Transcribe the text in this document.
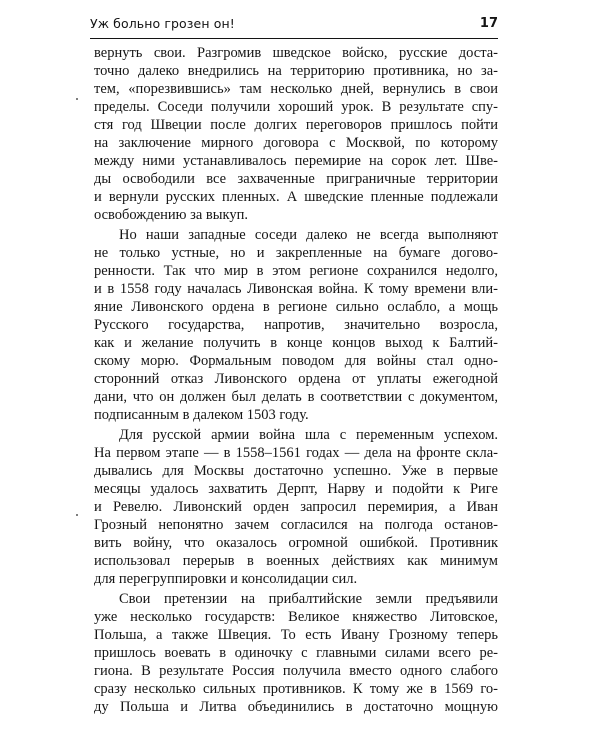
Уж больно грозен он!	17
вернуть свои. Разгромив шведское войско, русские доста-
точно далеко внедрились на территорию противника, но за-
тем, «порезвившись» там несколько дней, вернулись в свои
пределы. Соседи получили хороший урок. В результате спу-
стя год Швеции после долгих переговоров пришлось пойти
на заключение мирного договора с Москвой, по которому
между ними устанавливалось перемирие на сорок лет. Шве-
ды освободили все захваченные приграничные территории
и вернули русских пленных. А шведские пленные подлежали
освобождению за выкуп.
Но наши западные соседи далеко не всегда выполняют
не только устные, но и закрепленные на бумаге догово-
ренности. Так что мир в этом регионе сохранился недолго,
и в 1558 году началась Ливонская война. К тому времени вли-
яние Ливонского ордена в регионе сильно ослабло, а мощь
Русского государства, напротив, значительно возросла,
как и желание получить в конце концов выход к Балтий-
скому морю. Формальным поводом для войны стал одно-
сторонний отказ Ливонского ордена от уплаты ежегодной
дани, что он должен был делать в соответствии с документом,
подписанным в далеком 1503 году.
Для русской армии война шла с переменным успехом.
На первом этапе — в 1558–1561 годах — дела на фронте скла-
дывались для Москвы достаточно успешно. Уже в первые
месяцы удалось захватить Дерпт, Нарву и подойти к Риге
и Ревелю. Ливонский орден запросил перемирия, а Иван
Грозный непонятно зачем согласился на полгода останов-
вить войну, что оказалось огромной ошибкой. Противник
использовал перерыв в военных действиях как минимум
для перегруппировки и консолидации сил.
Свои претензии на прибалтийские земли предъявили
уже несколько государств: Великое княжество Литовское,
Польша, а также Швеция. То есть Ивану Грозному теперь
пришлось воевать в одиночку с главными силами всего ре-
гиона. В результате Россия получила вместо одного слабого
сразу несколько сильных противников. К тому же в 1569 го-
ду Польша и Литва объединились в достаточно мощную
